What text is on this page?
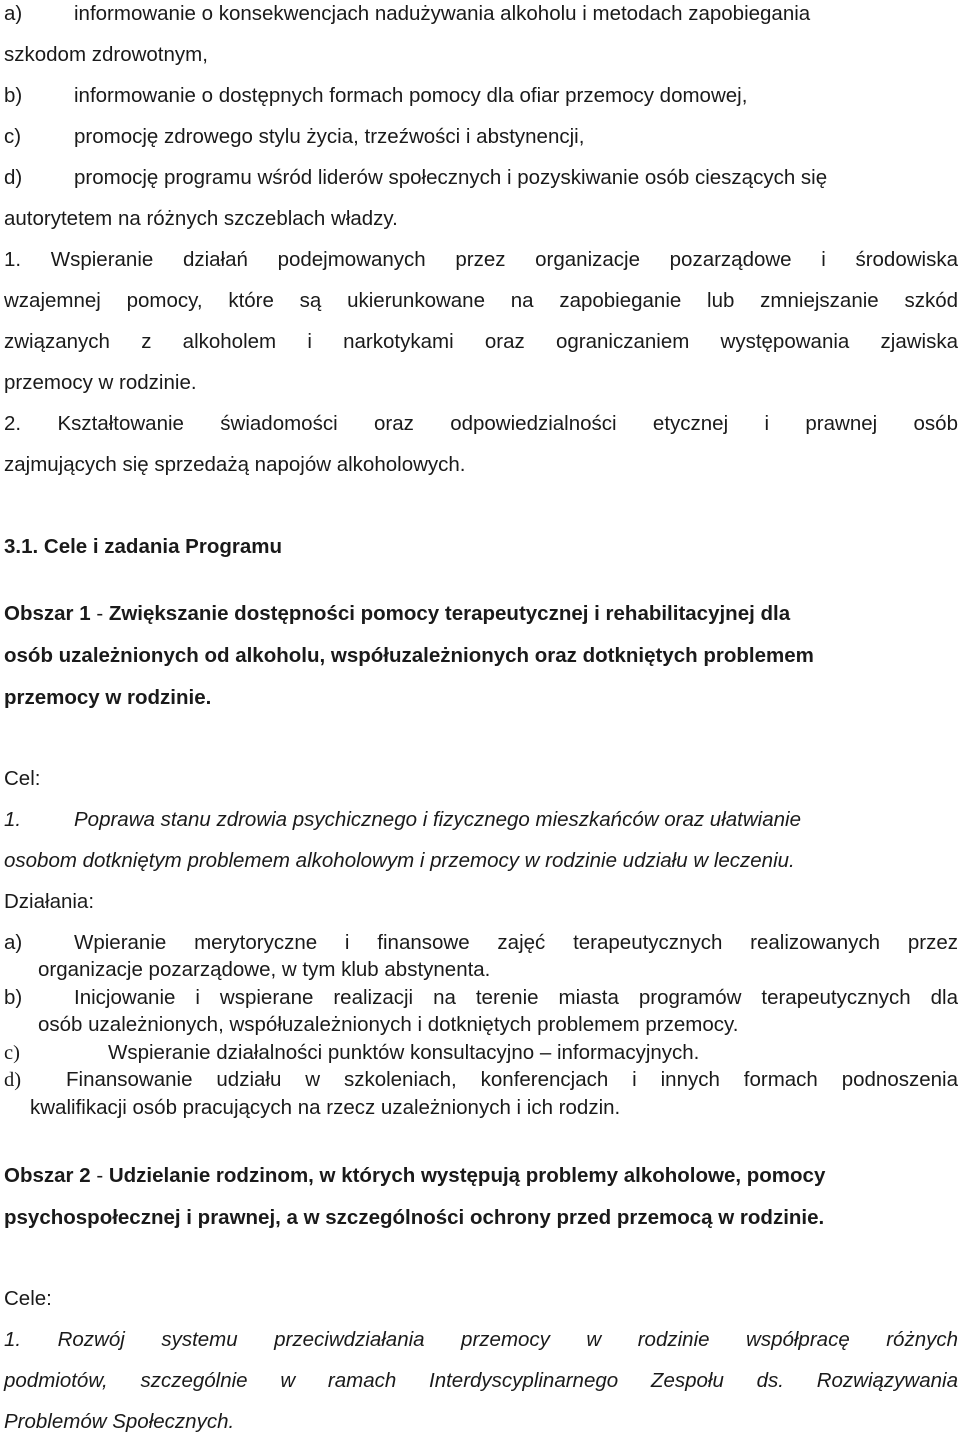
a)	informowanie o konsekwencjach nadużywania alkoholu i metodach zapobiegania
szkodom zdrowotnym,
b)	informowanie o dostępnych formach pomocy dla ofiar przemocy domowej,
c)	promocję zdrowego stylu życia, trzeźwości i abstynencji,
d)	promocję programu wśród liderów społecznych i pozyskiwanie osób cieszących się
autorytetem na różnych szczeblach władzy.
1. Wspieranie działań podejmowanych przez organizacje pozarządowe i środowiska
wzajemnej pomocy, które są ukierunkowane na zapobieganie lub zmniejszanie szkód
związanych z alkoholem i narkotykami oraz ograniczaniem występowania zjawiska
przemocy w rodzinie.
2. Kształtowanie świadomości oraz odpowiedzialności etycznej i prawnej osób
zajmujących się sprzedażą napojów alkoholowych.
3.1. Cele i zadania Programu
Obszar 1 - Zwiększanie dostępności pomocy terapeutycznej i rehabilitacyjnej dla
osób uzależnionych od alkoholu, współuzależnionych oraz dotkniętych problemem
przemocy w rodzinie.
Cel:
1.	Poprawa stanu zdrowia psychicznego i fizycznego mieszkańców oraz ułatwianie
osobom dotkniętym problemem alkoholowym i przemocy w rodzinie udziału w leczeniu.
Działania:
a)	Wpieranie merytoryczne i finansowe zajęć terapeutycznych realizowanych przez
organizacje pozarządowe, w tym klub abstynenta.
b)	Inicjowanie i wspierane realizacji na terenie miasta programów terapeutycznych dla
osób uzależnionych, współuzależnionych i dotkniętych problemem przemocy.
c)	Wspieranie działalności punktów konsultacyjno – informacyjnych.
d) Finansowanie udziału w szkoleniach, konferencjach i innych formach podnoszenia
kwalifikacji osób pracujących na rzecz uzależnionych i ich rodzin.
Obszar 2 - Udzielanie rodzinom, w których występują problemy alkoholowe, pomocy
psychospołecznej i prawnej, a w szczególności ochrony przed przemocą w rodzinie.
Cele:
1. Rozwój systemu przeciwdziałania przemocy w rodzinie współpracę różnych
podmiotów, szczególnie w ramach Interdyscyplinarnego Zespołu ds. Rozwiązywania
Problemów Społecznych.
